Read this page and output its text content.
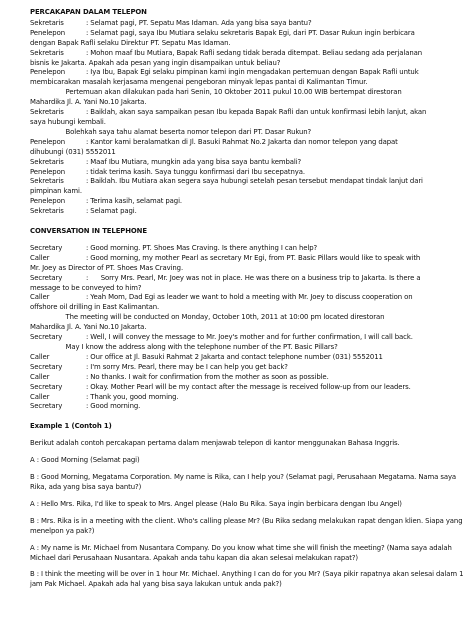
PERCAKAPAN DALAM TELEPON
Sekretaris	: Selamat pagi, PT. Sepatu Mas Idaman. Ada yang bisa saya bantu?
Penelepon	: Selamat pagi, saya Ibu Mutiara selaku sekretaris Bapak Egi, dari PT. Dasar Rukun ingin berbicara
dengan Bapak Rafli selaku Direktur PT. Sepatu Mas Idaman.
Sekretaris	: Mohon maaf Ibu Mutiara, Bapak Rafli sedang tidak berada ditempat. Beliau sedang ada perjalanan
bisnis ke Jakarta. Apakah ada pesan yang ingin disampaikan untuk beliau?
Penelepon	: Iya Ibu, Bapak Egi selaku pimpinan kami ingin mengadakan pertemuan dengan Bapak Rafli untuk
membicarakan masalah kerjasama mengenai pengeboran minyak lepas pantai di Kalimantan Timur.
Pertemuan akan dilakukan pada hari Senin, 10 Oktober 2011 pukul 10.00 WIB bertempat direstoran
Mahardika Jl. A. Yani No.10 Jakarta.
Sekretaris	: Baiklah, akan saya sampaikan pesan Ibu kepada Bapak Rafli dan untuk konfirmasi lebih lanjut, akan
saya hubungi kembali.
Bolehkah saya tahu alamat beserta nomor telepon dari PT. Dasar Rukun?
Penelepon	: Kantor kami beralamatkan di Jl. Basuki Rahmat No.2 Jakarta dan nomor telepon yang dapat
dihubungi (031) 5552011
Sekretaris	: Maaf Ibu Mutiara, mungkin ada yang bisa saya bantu kembali?
Penelepon	: tidak terima kasih. Saya tunggu konfirmasi dari Ibu secepatnya.
Sekretaris	: Baiklah. Ibu Mutiara akan segera saya hubungi setelah pesan tersebut mendapat tindak lanjut dari
pimpinan kami.
Penelepon	: Terima kasih, selamat pagi.
Sekretaris	: Selamat pagi.
CONVERSATION IN TELEPHONE
Secretary	: Good morning. PT. Shoes Mas Craving. Is there anything I can help?
Caller	: Good morning, my mother Pearl as secretary Mr Egi, from PT. Basic Pillars would like to speak with
Mr. Joey as Director of PT. Shoes Mas Craving.
Secretary	:      Sorry Mrs. Pearl, Mr. Joey was not in place. He was there on a business trip to Jakarta. Is there a
message to be conveyed to him?
Caller	: Yeah Mom, Dad Egi as leader we want to hold a meeting with Mr. Joey to discuss cooperation on
offshore oil drilling in East Kalimantan.
The meeting will be conducted on Monday, October 10th, 2011 at 10:00 pm located direstoran
Mahardika Jl. A. Yani No.10 Jakarta.
Secretary	: Well, I will convey the message to Mr. Joey's mother and for further confirmation, I will call back.
May I know the address along with the telephone number of the PT. Basic Pillars?
Caller	: Our office at Jl. Basuki Rahmat 2 Jakarta and contact telephone number (031) 5552011
Secretary	: I'm sorry Mrs. Pearl, there may be I can help you get back?
Caller	: No thanks. I wait for confirmation from the mother as soon as possible.
Secretary	: Okay. Mother Pearl will be my contact after the message is received follow-up from our leaders.
Caller	: Thank you, good morning.
Secretary	: Good morning.
Example 1 (Contoh 1)
Berikut adalah contoh percakapan pertama dalam menjawab telepon di kantor menggunakan Bahasa Inggris.
A : Good Morning (Selamat pagi)
B : Good Morning, Megatama Corporation. My name is Rika, can I help you? (Selamat pagi, Perusahaan Megatama. Nama saya Rika, ada yang bisa saya bantu?)
A : Hello Mrs. Rika, I'd like to speak to Mrs. Angel please (Halo Bu Rika. Saya ingin berbicara dengan Ibu Angel)
B : Mrs. Rika is in a meeting with the client. Who's calling please Mr? (Bu Rika sedang melakukan rapat dengan klien. Siapa yang menelpon ya pak?)
A : My name is Mr. Michael from Nusantara Company. Do you know what time she will finish the meeting? (Nama saya adalah Michael dari Perusahaan Nusantara. Apakah anda tahu kapan dia akan selesai melakukan rapat?)
B : I think the meeting will be over in 1 hour Mr. Michael. Anything I can do for you Mr? (Saya pikir rapatnya akan selesai dalam 1 jam Pak Michael. Apakah ada hal yang bisa saya lakukan untuk anda pak?)
